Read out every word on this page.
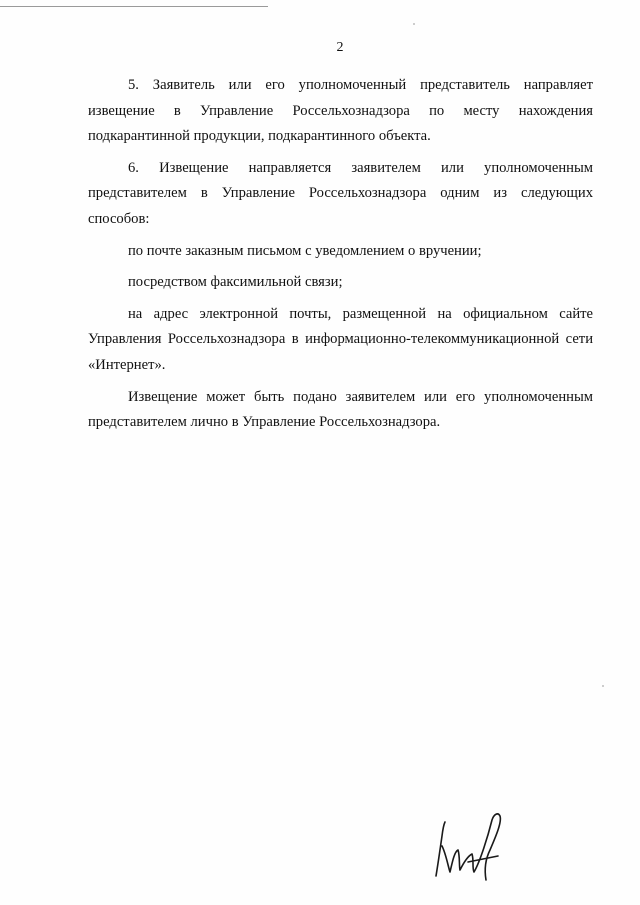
2

5. Заявитель или его уполномоченный представитель направляет извещение в Управление Россельхознадзора по месту нахождения подкарантинной продукции, подкарантинного объекта.

6. Извещение направляется заявителем или уполномоченным представителем в Управление Россельхознадзора одним из следующих способов:

по почте заказным письмом с уведомлением о вручении;

посредством факсимильной связи;

на адрес электронной почты, размещенной на официальном сайте Управления Россельхознадзора в информационно-телекоммуникационной сети «Интернет».

Извещение может быть подано заявителем или его уполномоченным представителем лично в Управление Россельхознадзора.
